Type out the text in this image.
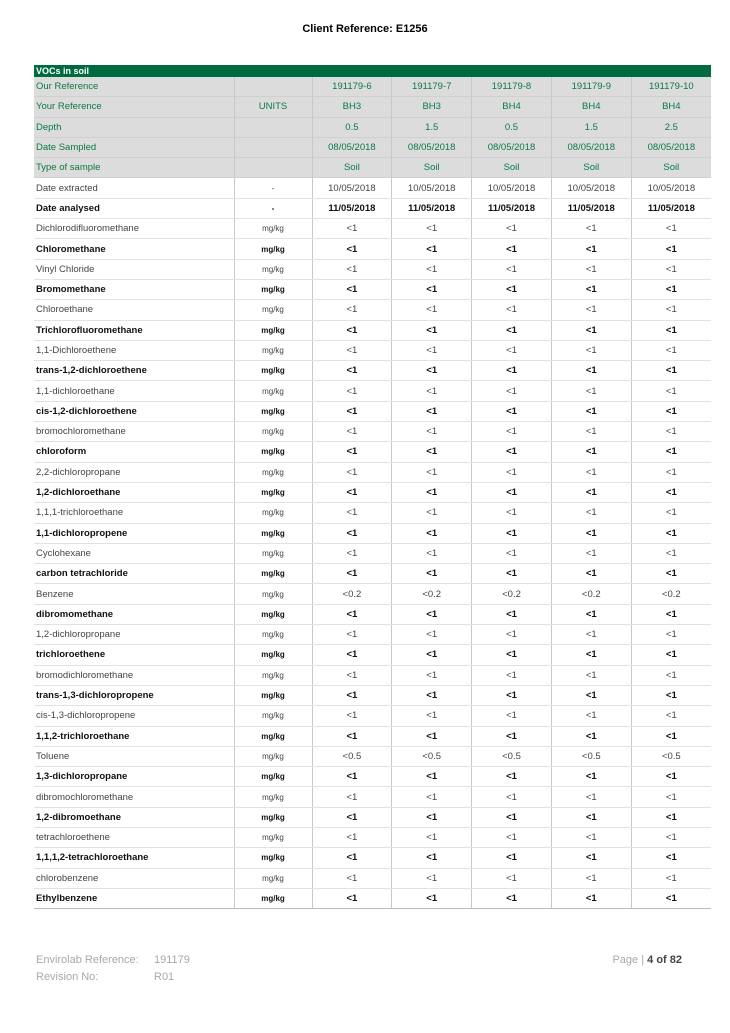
Client Reference: E1256
VOCs in soil						
Our Reference		191179-6	191179-7	191179-8	191179-9	191179-10
Your Reference	UNITS	BH3	BH3	BH4	BH4	BH4
Depth		0.5	1.5	0.5	1.5	2.5
Date Sampled		08/05/2018	08/05/2018	08/05/2018	08/05/2018	08/05/2018
Type of sample		Soil	Soil	Soil	Soil	Soil
Date extracted	-	10/05/2018	10/05/2018	10/05/2018	10/05/2018	10/05/2018
Date analysed	-	11/05/2018	11/05/2018	11/05/2018	11/05/2018	11/05/2018
Dichlorodifluoromethane	mg/kg	<1	<1	<1	<1	<1
Chloromethane	mg/kg	<1	<1	<1	<1	<1
Vinyl Chloride	mg/kg	<1	<1	<1	<1	<1
Bromomethane	mg/kg	<1	<1	<1	<1	<1
Chloroethane	mg/kg	<1	<1	<1	<1	<1
Trichlorofluoromethane	mg/kg	<1	<1	<1	<1	<1
1,1-Dichloroethene	mg/kg	<1	<1	<1	<1	<1
trans-1,2-dichloroethene	mg/kg	<1	<1	<1	<1	<1
1,1-dichloroethane	mg/kg	<1	<1	<1	<1	<1
cis-1,2-dichloroethene	mg/kg	<1	<1	<1	<1	<1
bromochloromethane	mg/kg	<1	<1	<1	<1	<1
chloroform	mg/kg	<1	<1	<1	<1	<1
2,2-dichloropropane	mg/kg	<1	<1	<1	<1	<1
1,2-dichloroethane	mg/kg	<1	<1	<1	<1	<1
1,1,1-trichloroethane	mg/kg	<1	<1	<1	<1	<1
1,1-dichloropropene	mg/kg	<1	<1	<1	<1	<1
Cyclohexane	mg/kg	<1	<1	<1	<1	<1
carbon tetrachloride	mg/kg	<1	<1	<1	<1	<1
Benzene	mg/kg	<0.2	<0.2	<0.2	<0.2	<0.2
dibromomethane	mg/kg	<1	<1	<1	<1	<1
1,2-dichloropropane	mg/kg	<1	<1	<1	<1	<1
trichloroethene	mg/kg	<1	<1	<1	<1	<1
bromodichloromethane	mg/kg	<1	<1	<1	<1	<1
trans-1,3-dichloropropene	mg/kg	<1	<1	<1	<1	<1
cis-1,3-dichloropropene	mg/kg	<1	<1	<1	<1	<1
1,1,2-trichloroethane	mg/kg	<1	<1	<1	<1	<1
Toluene	mg/kg	<0.5	<0.5	<0.5	<0.5	<0.5
1,3-dichloropropane	mg/kg	<1	<1	<1	<1	<1
dibromochloromethane	mg/kg	<1	<1	<1	<1	<1
1,2-dibromoethane	mg/kg	<1	<1	<1	<1	<1
tetrachloroethene	mg/kg	<1	<1	<1	<1	<1
1,1,1,2-tetrachloroethane	mg/kg	<1	<1	<1	<1	<1
chlorobenzene	mg/kg	<1	<1	<1	<1	<1
Ethylbenzene	mg/kg	<1	<1	<1	<1	<1
Envirolab Reference: 191179
Revision No:	R01
Page | 4 of 82
